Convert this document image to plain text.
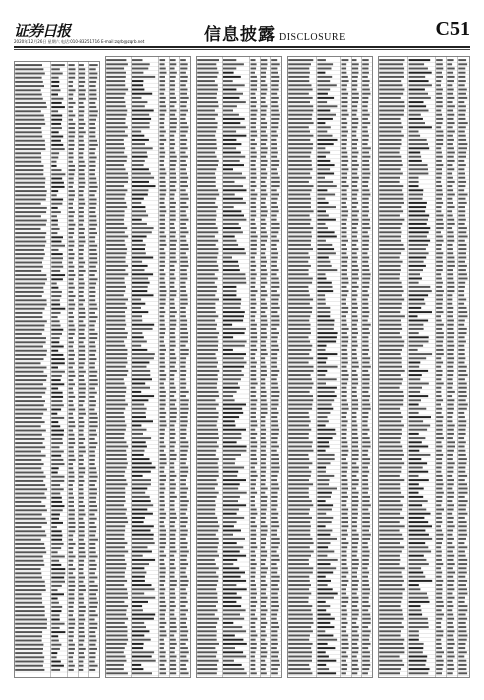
证券日报
2020年12月26日 星期六 电话:010-83251716 E-mail:zqrb@zqrb.net	信息披露 DISCLOSURE	C51
